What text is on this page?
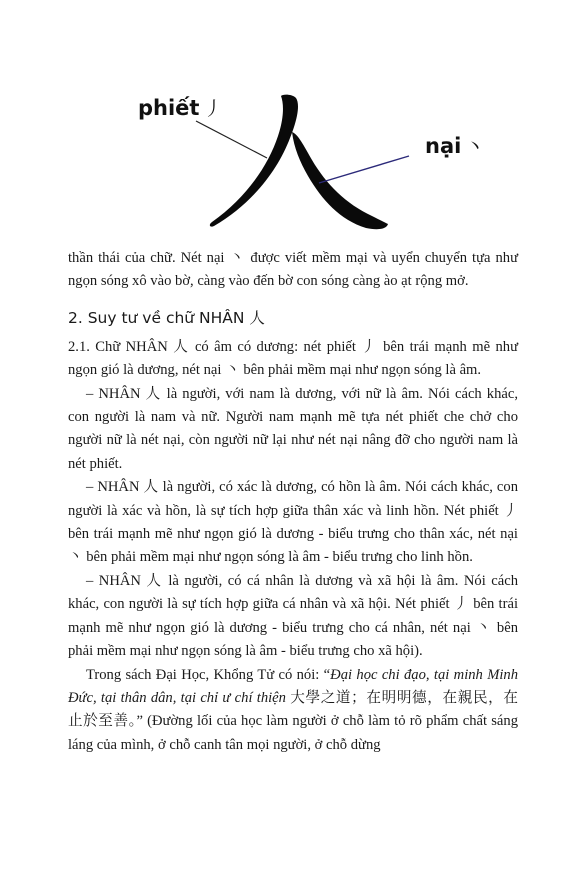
phiết 丿
nại 丶

thần thái của chữ. Nét nại 丶 được viết mềm mại và uyển chuyển tựa như ngọn sóng xô vào bờ, càng vào đến bờ con sóng càng ào ạt rộng mở.

2. Suy tư về chữ NHÂN 人

2.1. Chữ NHÂN 人 có âm có dương: nét phiết 丿 bên trái mạnh mẽ như ngọn gió là dương, nét nại 丶 bên phải mềm mại như ngọn sóng là âm.

– NHÂN 人 là người, với nam là dương, với nữ là âm. Nói cách khác, con người là nam và nữ. Người nam mạnh mẽ tựa nét phiết che chở cho người nữ là nét nại, còn người nữ lại như nét nại nâng đỡ cho người nam là nét phiết.

– NHÂN 人 là người, có xác là dương, có hồn là âm. Nói cách khác, con người là xác và hồn, là sự tích hợp giữa thân xác và linh hồn. Nét phiết 丿 bên trái mạnh mẽ như ngọn gió là dương - biểu trưng cho thân xác, nét nại 丶 bên phải mềm mại như ngọn sóng là âm - biểu trưng cho linh hồn.

– NHÂN 人 là người, có cá nhân là dương và xã hội là âm. Nói cách khác, con người là sự tích hợp giữa cá nhân và xã hội. Nét phiết 丿 bên trái mạnh mẽ như ngọn gió là dương - biểu trưng cho cá nhân, nét nại 丶 bên phải mềm mại như ngọn sóng là âm - biểu trưng cho xã hội).

Trong sách Đại Học, Khổng Tử có nói: “Đại học chi đạo, tại minh Minh Đức, tại thân dân, tại chỉ ư chí thiện 大學之道；在明明德，在親民，在止於至善。” (Đường lối của học làm người ở chỗ làm tỏ rõ phẩm chất sáng láng của mình, ở chỗ canh tân mọi người, ở chỗ dừng
